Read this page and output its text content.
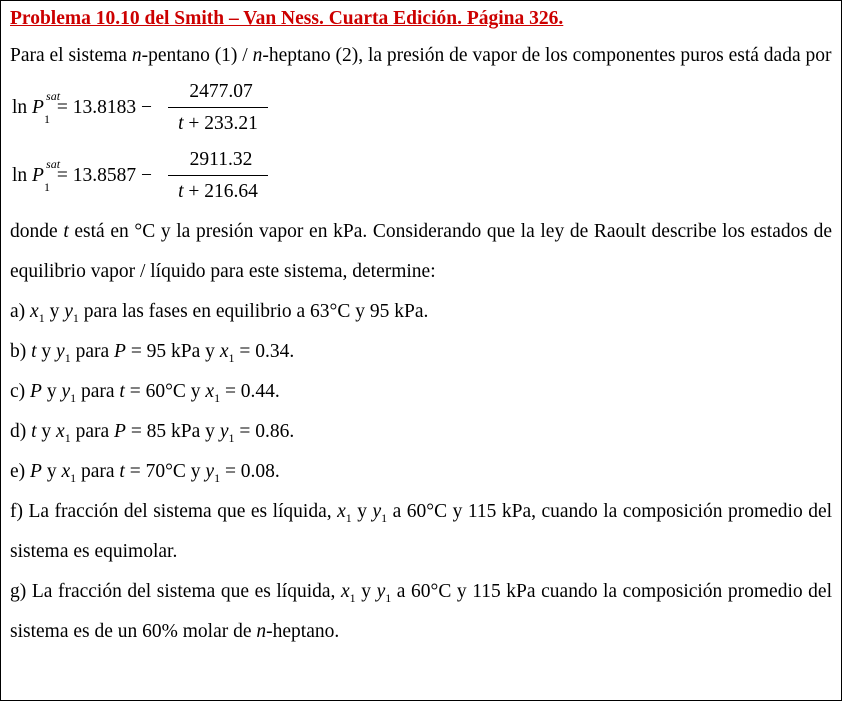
Problema 10.10 del Smith – Van Ness. Cuarta Edición. Página 326.

Para el sistema n-pentano (1) / n-heptano (2), la presión de vapor de los componentes puros está dada por

ln P
sat
1
= 13.8183 −
2477.07
t + 233.21
ln P
sat
1
= 13.8587 −
2911.32
t + 216.64

donde t está en °C y la presión vapor en kPa. Considerando que la ley de Raoult describe los estados de equilibrio vapor / líquido para este sistema, determine:

a) $x_1$ y $y_1$ para las fases en equilibrio a 63°C y 95 kPa.
b) t y $y_1$ para P = 95 kPa y $x_1 = 0.34$.
c) P y $y_1$ para t = 60°C y $x_1 = 0.44$.
d) t y $x_1$ para P = 85 kPa y $y_1 = 0.86$.
e) P y $x_1$ para t = 70°C y $y_1 = 0.08$.

f) La fracción del sistema que es líquida, $x_1$ y $y_1$ a 60°C y 115 kPa, cuando la composición promedio del sistema es equimolar.

g) La fracción del sistema que es líquida, $x_1$ y $y_1$ a 60°C y 115 kPa cuando la composición promedio del sistema es de un 60% molar de n-heptano.
